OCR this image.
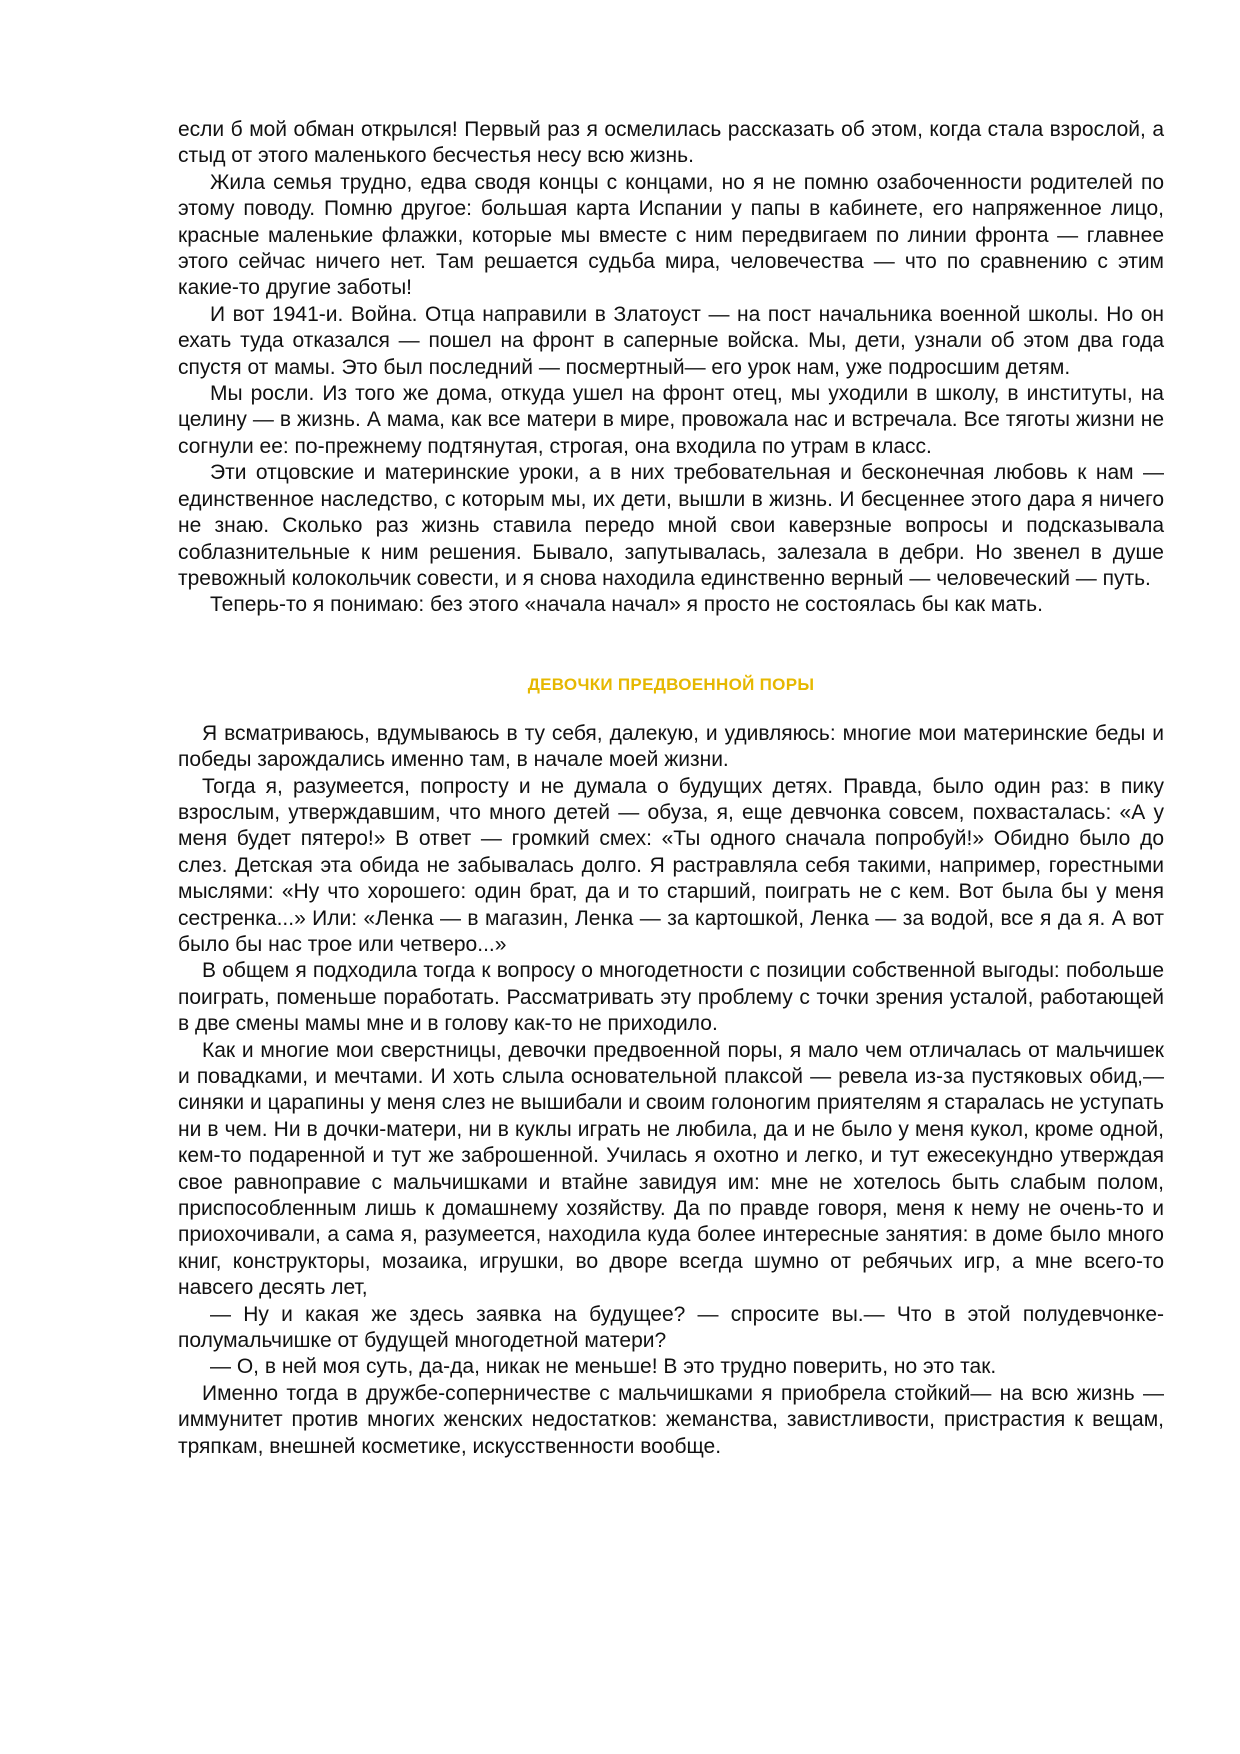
если б мой обман открылся! Первый раз я осмелилась рассказать об этом, когда стала взрослой, а стыд от этого маленького бесчестья несу всю жизнь.

Жила семья трудно, едва сводя концы с концами, но я не помню озабоченности родителей по этому поводу. Помню другое: большая карта Испании у папы в кабинете, его напряженное лицо, красные маленькие флажки, которые мы вместе с ним передвигаем по линии фронта — главнее этого сейчас ничего нет. Там решается судьба мира, человечества — что по сравнению с этим какие-то другие заботы!

И вот 1941-и. Война. Отца направили в Златоуст — на пост начальника военной школы. Но он ехать туда отказался — пошел на фронт в саперные войска. Мы, дети, узнали об этом два года спустя от мамы. Это был последний — посмертный— его урок нам, уже подросшим детям.

Мы росли. Из того же дома, откуда ушел на фронт отец, мы уходили в школу, в институты, на целину — в жизнь. А мама, как все матери в мире, провожала нас и встречала. Все тяготы жизни не согнули ее: по-прежнему подтянутая, строгая, она входила по утрам в класс.

Эти отцовские и материнские уроки, а в них требовательная и бесконечная любовь к нам — единственное наследство, с которым мы, их дети, вышли в жизнь. И бесценнее этого дара я ничего не знаю. Сколько раз жизнь ставила передо мной свои каверзные вопросы и подсказывала соблазнительные к ним решения. Бывало, запутывалась, залезала в дебри. Но звенел в душе тревожный колокольчик совести, и я снова находила единственно верный — человеческий — путь.

Теперь-то я понимаю: без этого «начала начал» я просто не состоялась бы как мать.

ДЕВОЧКИ ПРЕДВОЕННОЙ ПОРЫ

Я всматриваюсь, вдумываюсь в ту себя, далекую, и удивляюсь: многие мои материнские беды и победы зарождались именно там, в начале моей жизни.

Тогда я, разумеется, попросту и не думала о будущих детях. Правда, было один раз: в пику взрослым, утверждавшим, что много детей — обуза, я, еще девчонка совсем, похвасталась: «А у меня будет пятеро!» В ответ — громкий смех: «Ты одного сначала попробуй!» Обидно было до слез. Детская эта обида не забывалась долго. Я растравляла себя такими, например, горестными мыслями: «Ну что хорошего: один брат, да и то старший, поиграть не с кем. Вот была бы у меня сестренка...» Или: «Ленка — в магазин, Ленка — за картошкой, Ленка — за водой, все я да я. А вот было бы нас трое или четверо...»

В общем я подходила тогда к вопросу о многодетности с позиции собственной выгоды: побольше поиграть, поменьше поработать. Рассматривать эту проблему с точки зрения усталой, работающей в две смены мамы мне и в голову как-то не приходило.

Как и многие мои сверстницы, девочки предвоенной поры, я мало чем отличалась от мальчишек и повадками, и мечтами. И хоть слыла основательной плаксой — ревела из-за пустяковых обид,— синяки и царапины у меня слез не вышибали и своим голоногим приятелям я старалась не уступать ни в чем. Ни в дочки-матери, ни в куклы играть не любила, да и не было у меня кукол, кроме одной, кем-то подаренной и тут же заброшенной. Училась я охотно и легко, и тут ежесекундно утверждая свое равноправие с мальчишками и втайне завидуя им: мне не хотелось быть слабым полом, приспособленным лишь к домашнему хозяйству. Да по правде говоря, меня к нему не очень-то и приохочивали, а сама я, разумеется, находила куда более интересные занятия: в доме было много книг, конструкторы, мозаика, игрушки, во дворе всегда шумно от ребячьих игр, а мне всего-то навсего десять лет,

— Ну и какая же здесь заявка на будущее? — спросите вы.— Что в этой полудевчонке-полумальчишке от будущей многодетной матери?

— О, в ней моя суть, да-да, никак не меньше! В это трудно поверить, но это так.

Именно тогда в дружбе-соперничестве с мальчишками я приобрела стойкий— на всю жизнь — иммунитет против многих женских недостатков: жеманства, завистливости, пристрастия к вещам, тряпкам, внешней косметике, искусственности вообще.
